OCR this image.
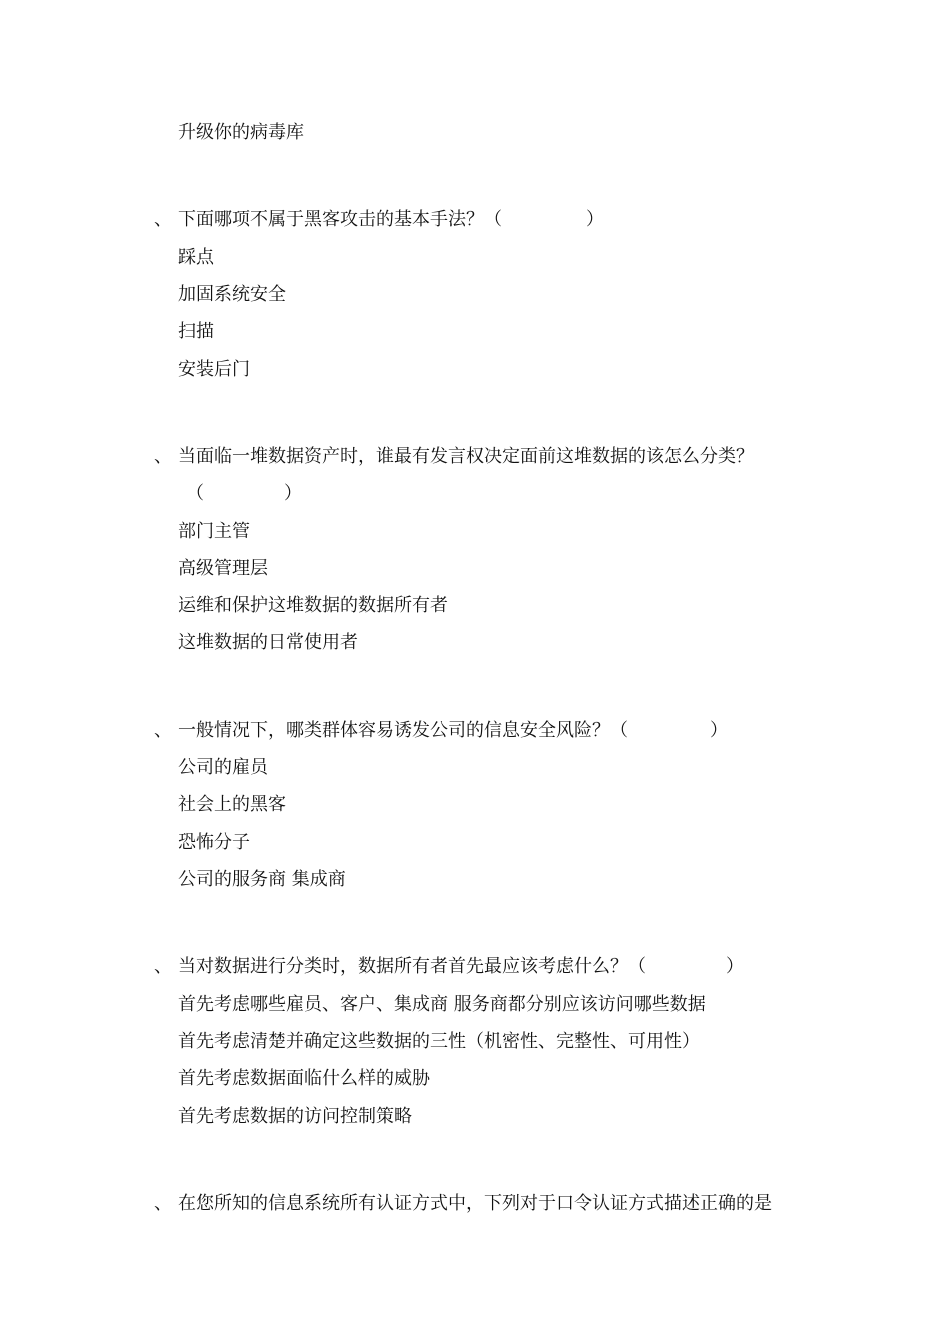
升级你的病毒库
、 下面哪项不属于黑客攻击的基本手法？（	）
踩点
加固系统安全
扫描
安装后门
、 当面临一堆数据资产时，谁最有发言权决定面前这堆数据的该怎么分类？
（	）
部门主管
高级管理层
运维和保护这堆数据的数据所有者
这堆数据的日常使用者
、 一般情况下，哪类群体容易诱发公司的信息安全风险？（	）
公司的雇员
社会上的黑客
恐怖分子
公司的服务商 集成商
、 当对数据进行分类时，数据所有者首先最应该考虑什么？（	）
首先考虑哪些雇员、客户、集成商 服务商都分别应该访问哪些数据
首先考虑清楚并确定这些数据的三性（机密性、完整性、可用性）
首先考虑数据面临什么样的威胁
首先考虑数据的访问控制策略
、 在您所知的信息系统所有认证方式中，下列对于口令认证方式描述正确的是
